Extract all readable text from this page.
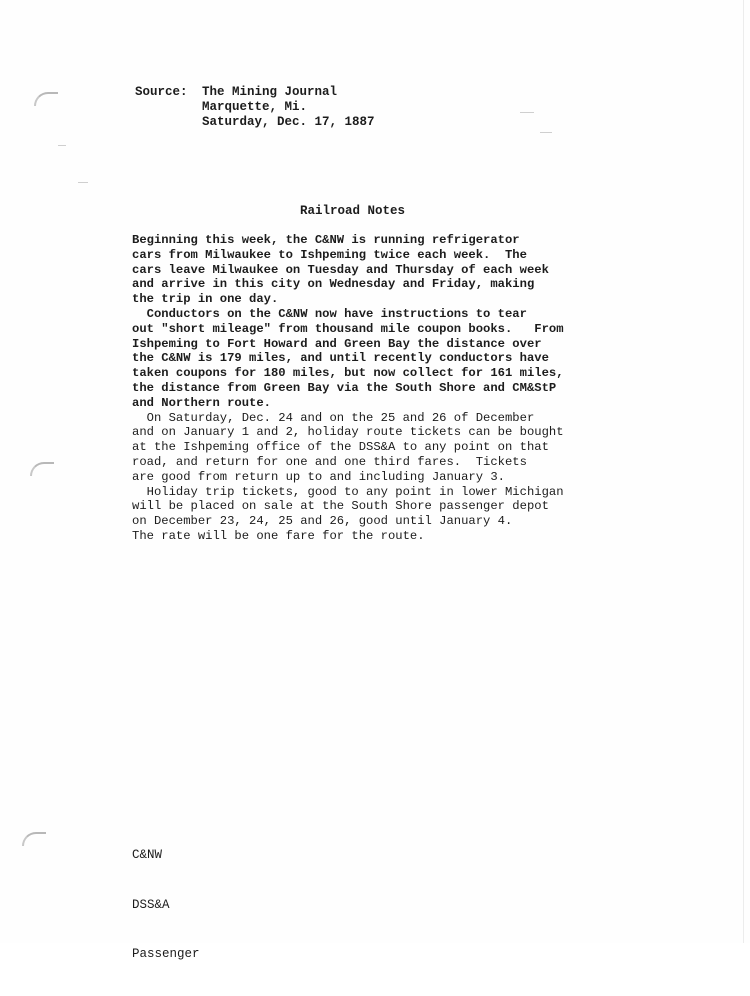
Source: The Mining Journal
Marquette, Mi.
Saturday, Dec. 17, 1887
Railroad Notes
Beginning this week, the C&NW is running refrigerator
cars from Milwaukee to Ishpeming twice each week.  The
cars leave Milwaukee on Tuesday and Thursday of each week
and arrive in this city on Wednesday and Friday, making
the trip in one day.
Conductors on the C&NW now have instructions to tear
out "short mileage" from thousand mile coupon books.   From
Ishpeming to Fort Howard and Green Bay the distance over
the C&NW is 179 miles, and until recently conductors have
taken coupons for 180 miles, but now collect for 161 miles,
the distance from Green Bay via the South Shore and CM&StP
and Northern route.
On Saturday, Dec. 24 and on the 25 and 26 of December
and on January 1 and 2, holiday route tickets can be bought
at the Ishpeming office of the DSS&A to any point on that
road, and return for one and one third fares.  Tickets
are good from return up to and including January 3.
Holiday trip tickets, good to any point in lower Michigan
will be placed on sale at the South Shore passenger depot
on December 23, 24, 25 and 26, good until January 4.
The rate will be one fare for the route.

C&NW

DSS&A

Passenger
